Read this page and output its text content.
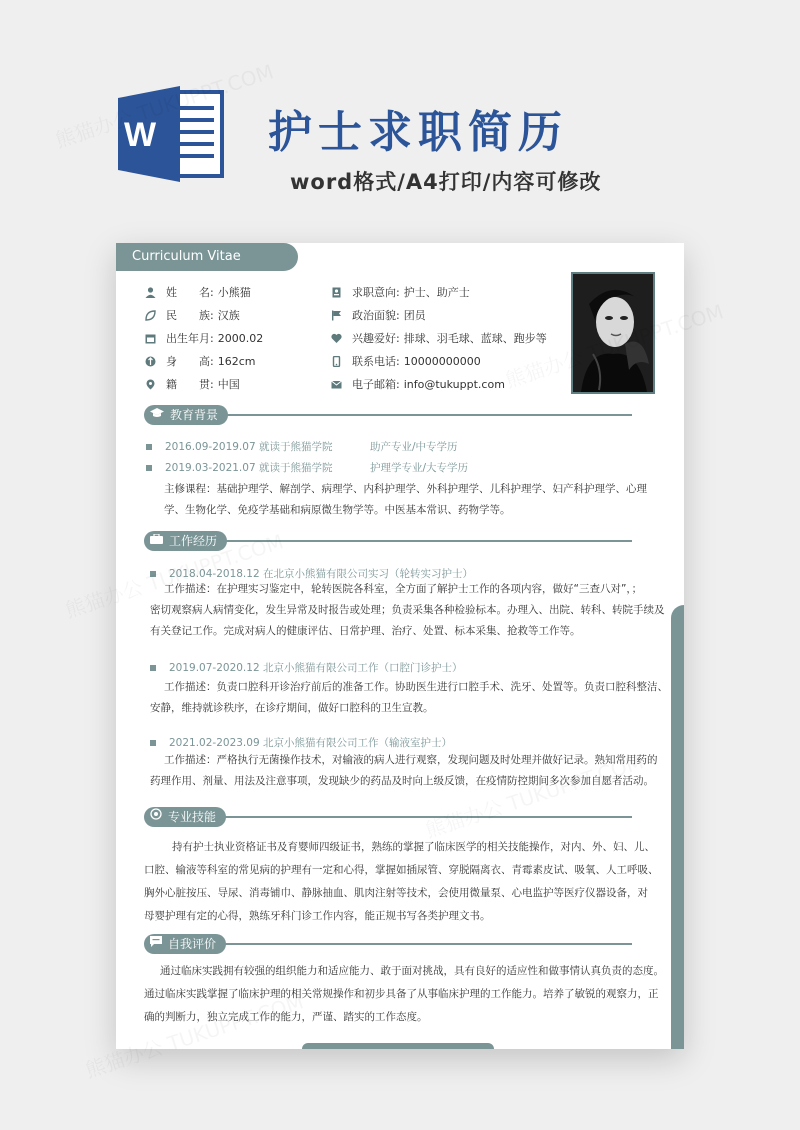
W	护士求职简历
word格式/A4打印/内容可修改
Curriculum Vitae
姓　　名: 小熊猫
民　　族: 汉族
出生年月: 2000.02
身　　高: 162cm
籍　　贯: 中国
求职意向: 护士、助产士
政治面貌: 团员
兴趣爱好: 排球、羽毛球、蓝球、跑步等
联系电话: 10000000000
电子邮箱: info@tukuppt.com
教育背景
2016.09-2019.07 就读于熊猫学院	助产专业/中专学历
2019.03-2021.07 就读于熊猫学院	护理学专业/大专学历
主修课程：基础护理学、解剖学、病理学、内科护理学、外科护理学、儿科护理学、妇产科护理学、心理
学、生物化学、免疫学基础和病原微生物学等。中医基本常识、药物学等。
工作经历
2018.04-2018.12 在北京小熊猫有限公司实习（轮转实习护士）
工作描述：在护理实习鉴定中，轮转医院各科室，全方面了解护士工作的各项内容，做好“三查八对”，；
密切观察病人病情变化，发生异常及时报告或处理；负责采集各种检验标本。办理入、出院、转科、转院手续及
有关登记工作。完成对病人的健康评估、日常护理、治疗、处置、标本采集、抢救等工作等。
2019.07-2020.12 北京小熊猫有限公司工作（口腔门诊护士）
工作描述：负责口腔科开诊治疗前后的准备工作。协助医生进行口腔手术、洗牙、处置等。负责口腔科整洁、
安静，维持就诊秩序，在诊疗期间，做好口腔科的卫生宣教。
2021.02-2023.09 北京小熊猫有限公司工作（输液室护士）
工作描述：严格执行无菌操作技术，对输液的病人进行观察，发现问题及时处理并做好记录。熟知常用药的
药理作用、剂量、用法及注意事项，发现缺少的药品及时向上级反馈，在疫情防控期间多次参加自愿者活动。
专业技能
持有护士执业资格证书及育婴师四级证书，熟练的掌握了临床医学的相关技能操作，对内、外、妇、儿、
口腔、输液等科室的常见病的护理有一定和心得，掌握如插尿管、穿脱隔离衣、青霉素皮试、吸氧、人工呼吸、
胸外心脏按压、导尿、消毒铺巾、静脉抽血、肌肉注射等技术，会使用微量泵、心电监护等医疗仪器设备，对
母婴护理有定的心得，熟练牙科门诊工作内容，能正规书写各类护理文书。
自我评价
通过临床实践拥有较强的组织能力和适应能力、敢于面对挑战，具有良好的适应性和做事情认真负责的态度。
通过临床实践掌握了临床护理的相关常规操作和初步具备了从事临床护理的工作能力。培养了敏锐的观察力，正
确的判断力，独立完成工作的能力，严谨、踏实的工作态度。
